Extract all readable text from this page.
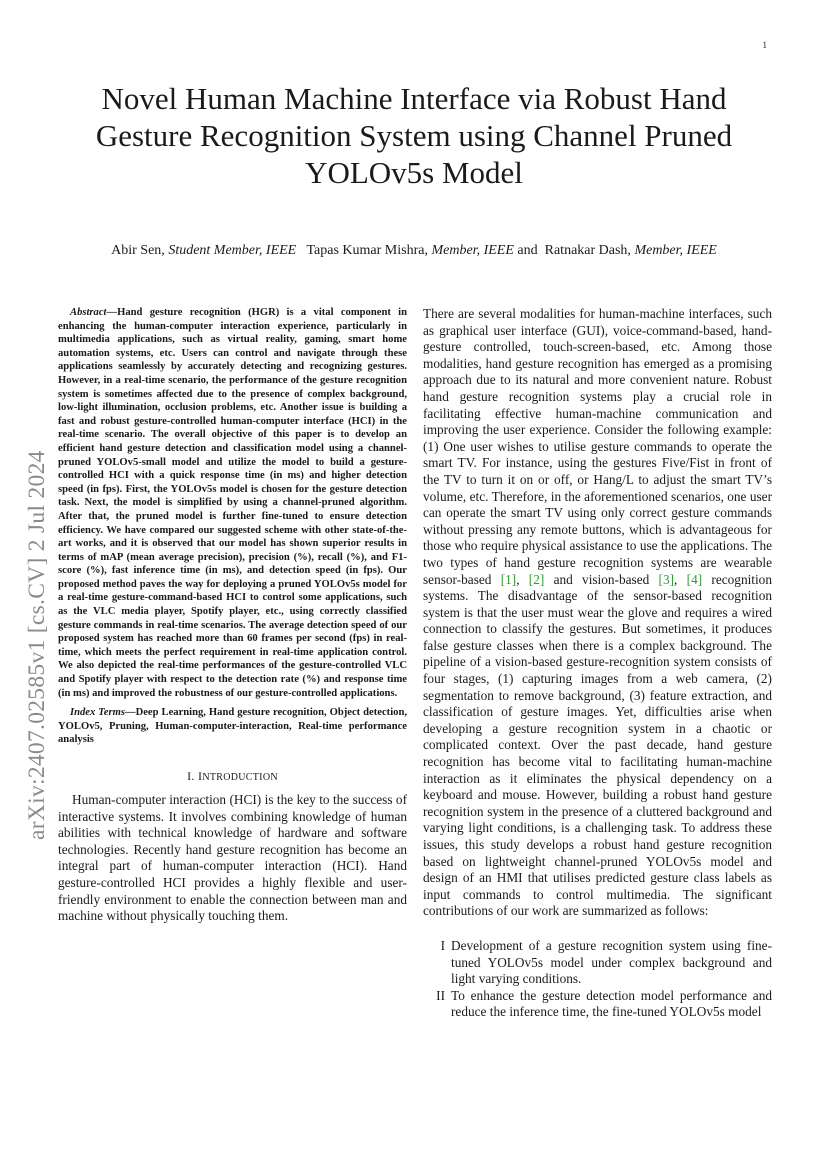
1
arXiv:2407.02585v1 [cs.CV] 2 Jul 2024
Novel Human Machine Interface via Robust Hand Gesture Recognition System using Channel Pruned YOLOv5s Model
Abir Sen, Student Member, IEEE Tapas Kumar Mishra, Member, IEEE and Ratnakar Dash, Member, IEEE

Abstract—Hand gesture recognition (HGR) is a vital component in enhancing the human-computer interaction experience, particularly in multimedia applications, such as virtual reality, gaming, smart home automation systems, etc. Users can control and navigate through these applications seamlessly by accurately detecting and recognizing gestures. However, in a real-time scenario, the performance of the gesture recognition system is sometimes affected due to the presence of complex background, low-light illumination, occlusion problems, etc. Another issue is building a fast and robust gesture-controlled human-computer interface (HCI) in the real-time scenario. The overall objective of this paper is to develop an efficient hand gesture detection and classification model using a channel-pruned YOLOv5-small model and utilize the model to build a gesture-controlled HCI with a quick response time (in ms) and higher detection speed (in fps). First, the YOLOv5s model is chosen for the gesture detection task. Next, the model is simplified by using a channel-pruned algorithm. After that, the pruned model is further fine-tuned to ensure detection efficiency. We have compared our suggested scheme with other state-of-the-art works, and it is observed that our model has shown superior results in terms of mAP (mean average precision), precision (%), recall (%), and F1-score (%), fast inference time (in ms), and detection speed (in fps). Our proposed method paves the way for deploying a pruned YOLOv5s model for a real-time gesture-command-based HCI to control some applications, such as the VLC media player, Spotify player, etc., using correctly classified gesture commands in real-time scenarios. The average detection speed of our proposed system has reached more than 60 frames per second (fps) in real-time, which meets the perfect requirement in real-time application control. We also depicted the real-time performances of the gesture-controlled VLC and Spotify player with respect to the detection rate (%) and response time (in ms) and improved the robustness of our gesture-controlled applications.

Index Terms—Deep Learning, Hand gesture recognition, Object detection, YOLOv5, Pruning, Human-computer-interaction, Real-time performance analysis

I. INTRODUCTION

Human-computer interaction (HCI) is the key to the success of interactive systems. It involves combining knowledge of human abilities with technical knowledge of hardware and software technologies. Recently hand gesture recognition has become an integral part of human-computer interaction (HCI). Hand gesture-controlled HCI provides a highly flexible and user-friendly environment to enable the connection between man and machine without physically touching them.

There are several modalities for human-machine interfaces, such as graphical user interface (GUI), voice-command-based, hand-gesture controlled, touch-screen-based, etc. Among those modalities, hand gesture recognition has emerged as a promising approach due to its natural and more convenient nature. Robust hand gesture recognition systems play a crucial role in facilitating effective human-machine communication and improving the user experience. Consider the following example: (1) One user wishes to utilise gesture commands to operate the smart TV. For instance, using the gestures Five/Fist in front of the TV to turn it on or off, or Hang/L to adjust the smart TV’s volume, etc. Therefore, in the aforementioned scenarios, one user can operate the smart TV using only correct gesture commands without pressing any remote buttons, which is advantageous for those who require physical assistance to use the applications. The two types of hand gesture recognition systems are wearable sensor-based [1], [2] and vision-based [3], [4] recognition systems. The disadvantage of the sensor-based recognition system is that the user must wear the glove and requires a wired connection to classify the gestures. But sometimes, it produces false gesture classes when there is a complex background. The pipeline of a vision-based gesture-recognition system consists of four stages, (1) capturing images from a web camera, (2) segmentation to remove background, (3) feature extraction, and classification of gesture images. Yet, difficulties arise when developing a gesture recognition system in a chaotic or complicated context. Over the past decade, hand gesture recognition has become vital to facilitating human-machine interaction as it eliminates the physical dependency on a keyboard and mouse. However, building a robust hand gesture recognition system in the presence of a cluttered background and varying light conditions, is a challenging task. To address these issues, this study develops a robust hand gesture recognition based on lightweight channel-pruned YOLOv5s model and design of an HMI that utilises predicted gesture class labels as input commands to control multimedia. The significant contributions of our work are summarized as follows:

I Development of a gesture recognition system using fine-tuned YOLOv5s model under complex background and light varying conditions.
II To enhance the gesture detection model performance and reduce the inference time, the fine-tuned YOLOv5s model
